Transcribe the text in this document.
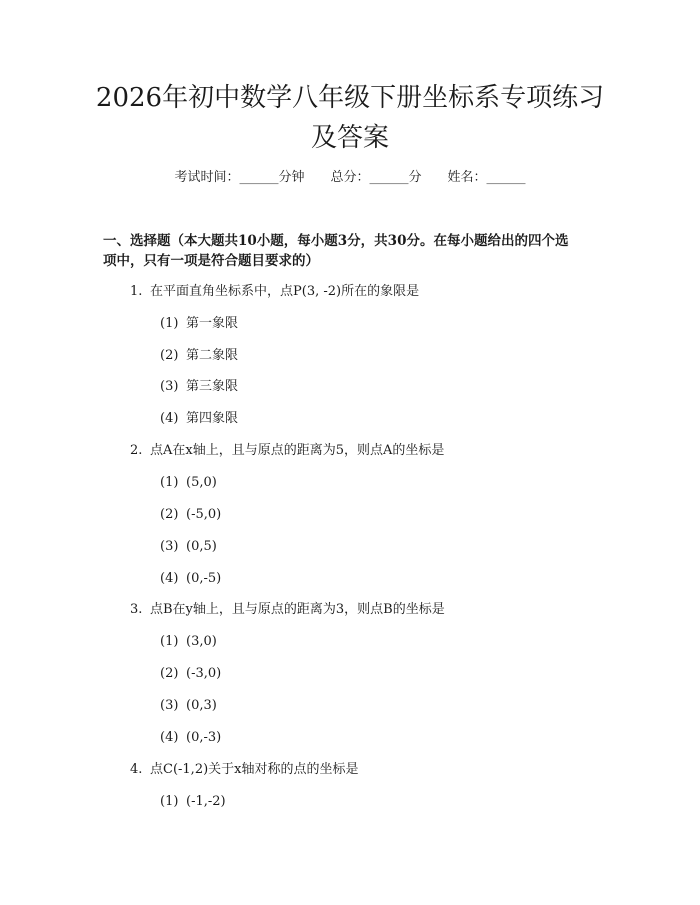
2026年初中数学八年级下册坐标系专项练习
及答案
考试时间：______分钟 总分：______分 姓名：______

一、选择题（本大题共10小题，每小题3分，共30分。在每小题给出的四个选

项中，只有一项是符合题目要求的）

1. 在平面直角坐标系中，点P(3, -2)所在的象限是
(1) 第一象限
(2) 第二象限
(3) 第三象限
(4) 第四象限
2. 点A在x轴上，且与原点的距离为5，则点A的坐标是
(1) (5,0)
(2) (-5,0)
(3) (0,5)
(4) (0,-5)
3. 点B在y轴上，且与原点的距离为3，则点B的坐标是
(1) (3,0)
(2) (-3,0)
(3) (0,3)
(4) (0,-3)
4. 点C(-1,2)关于x轴对称的点的坐标是
(1) (-1,-2)
